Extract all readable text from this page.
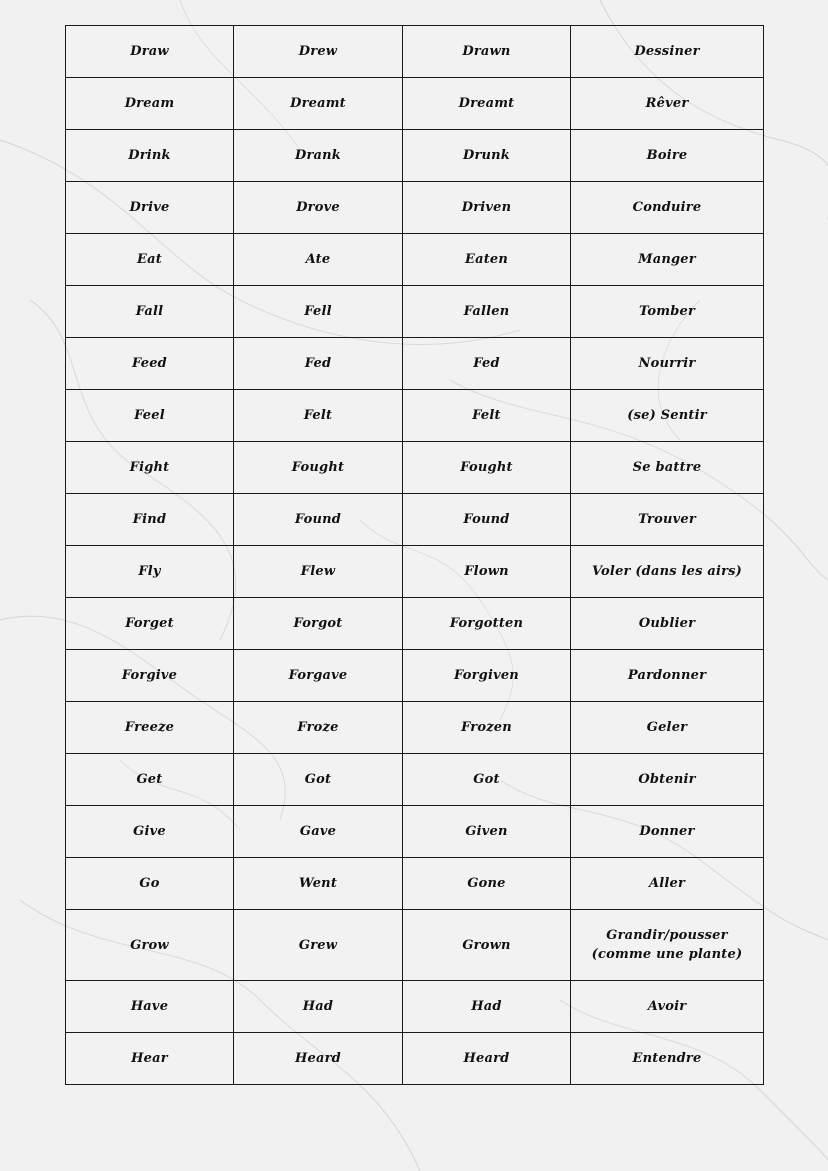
Draw	Drew	Drawn	Dessiner
Dream	Dreamt	Dreamt	Rêver
Drink	Drank	Drunk	Boire
Drive	Drove	Driven	Conduire
Eat	Ate	Eaten	Manger
Fall	Fell	Fallen	Tomber
Feed	Fed	Fed	Nourrir
Feel	Felt	Felt	(se) Sentir
Fight	Fought	Fought	Se battre
Find	Found	Found	Trouver
Fly	Flew	Flown	Voler (dans les airs)
Forget	Forgot	Forgotten	Oublier
Forgive	Forgave	Forgiven	Pardonner
Freeze	Froze	Frozen	Geler
Get	Got	Got	Obtenir
Give	Gave	Given	Donner
Go	Went	Gone	Aller
Grow	Grew	Grown	Grandir/pousser (comme une plante)
Have	Had	Had	Avoir
Hear	Heard	Heard	Entendre
